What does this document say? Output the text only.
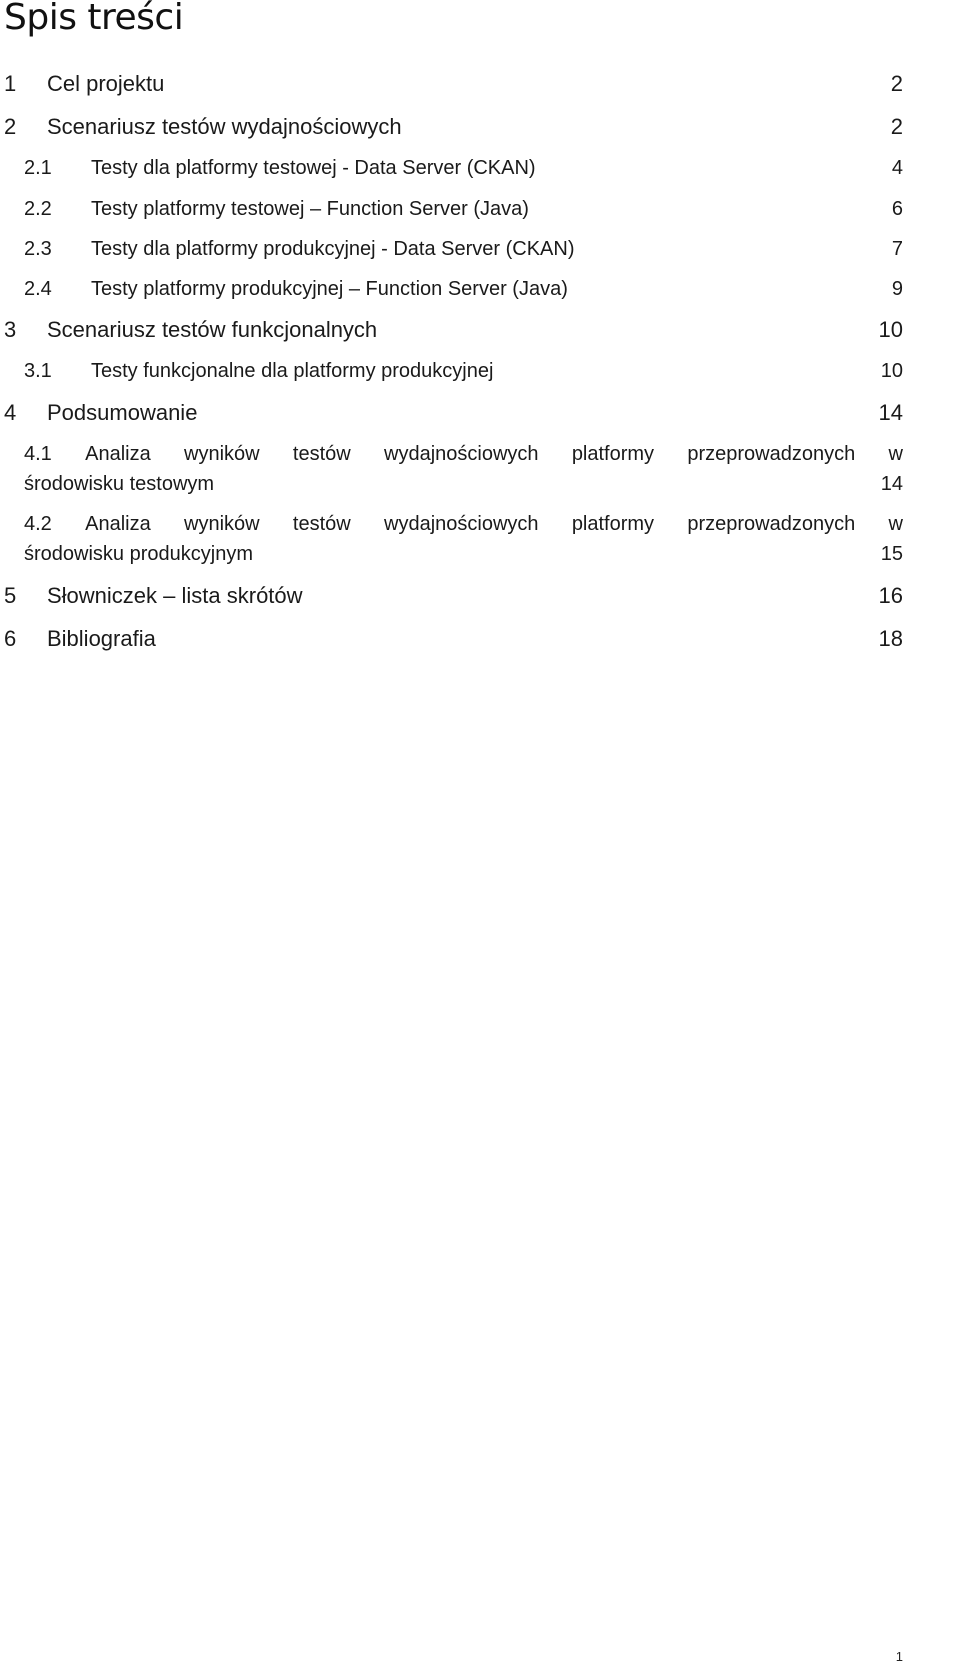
Spis treści
1 Cel projektu	2
2 Scenariusz testów wydajnościowych	2
2.1 Testy dla platformy testowej - Data Server (CKAN)	4
2.2 Testy platformy testowej – Function Server (Java)	6
2.3 Testy dla platformy produkcyjnej - Data Server (CKAN)	7
2.4 Testy platformy produkcyjnej – Function Server (Java)	9
3 Scenariusz testów funkcjonalnych	10
3.1 Testy funkcjonalne dla platformy produkcyjnej	10
4 Podsumowanie	14
4.1 Analiza wyników testów wydajnościowych platformy przeprowadzonych w
środowisku testowym	14
4.2 Analiza wyników testów wydajnościowych platformy przeprowadzonych w
środowisku produkcyjnym	15
5 Słowniczek – lista skrótów	16
6 Bibliografia	18
1
